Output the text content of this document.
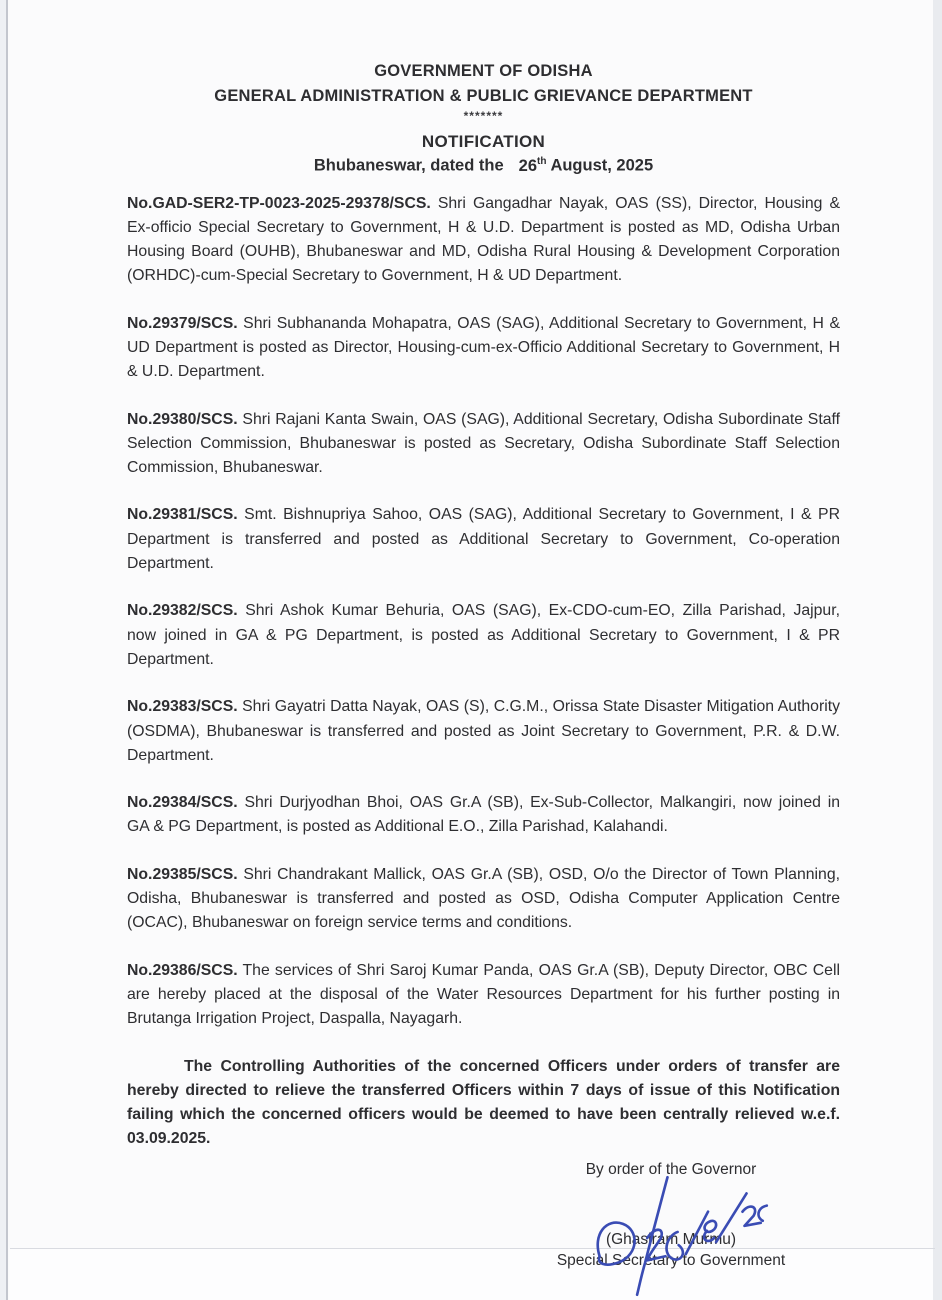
GOVERNMENT OF ODISHA
GENERAL ADMINISTRATION & PUBLIC GRIEVANCE DEPARTMENT
*******
NOTIFICATION
Bhubaneswar, dated the 26th August, 2025

No.GAD-SER2-TP-0023-2025-29378/SCS. Shri Gangadhar Nayak, OAS (SS), Director, Housing & Ex-officio Special Secretary to Government, H & U.D. Department is posted as MD, Odisha Urban Housing Board (OUHB), Bhubaneswar and MD, Odisha Rural Housing & Development Corporation (ORHDC)-cum-Special Secretary to Government, H & UD Department.

No.29379/SCS. Shri Subhananda Mohapatra, OAS (SAG), Additional Secretary to Government, H & UD Department is posted as Director, Housing-cum-ex-Officio Additional Secretary to Government, H & U.D. Department.

No.29380/SCS. Shri Rajani Kanta Swain, OAS (SAG), Additional Secretary, Odisha Subordinate Staff Selection Commission, Bhubaneswar is posted as Secretary, Odisha Subordinate Staff Selection Commission, Bhubaneswar.

No.29381/SCS. Smt. Bishnupriya Sahoo, OAS (SAG), Additional Secretary to Government, I & PR Department is transferred and posted as Additional Secretary to Government, Co-operation Department.

No.29382/SCS. Shri Ashok Kumar Behuria, OAS (SAG), Ex-CDO-cum-EO, Zilla Parishad, Jajpur, now joined in GA & PG Department, is posted as Additional Secretary to Government, I & PR Department.

No.29383/SCS. Shri Gayatri Datta Nayak, OAS (S), C.G.M., Orissa State Disaster Mitigation Authority (OSDMA), Bhubaneswar is transferred and posted as Joint Secretary to Government, P.R. & D.W. Department.

No.29384/SCS. Shri Durjyodhan Bhoi, OAS Gr.A (SB), Ex-Sub-Collector, Malkangiri, now joined in GA & PG Department, is posted as Additional E.O., Zilla Parishad, Kalahandi.

No.29385/SCS. Shri Chandrakant Mallick, OAS Gr.A (SB), OSD, O/o the Director of Town Planning, Odisha, Bhubaneswar is transferred and posted as OSD, Odisha Computer Application Centre (OCAC), Bhubaneswar on foreign service terms and conditions.

No.29386/SCS. The services of Shri Saroj Kumar Panda, OAS Gr.A (SB), Deputy Director, OBC Cell are hereby placed at the disposal of the Water Resources Department for his further posting in Brutanga Irrigation Project, Daspalla, Nayagarh.

The Controlling Authorities of the concerned Officers under orders of transfer are hereby directed to relieve the transferred Officers within 7 days of issue of this Notification failing which the concerned officers would be deemed to have been centrally relieved w.e.f. 03.09.2025.

By order of the Governor
(Ghasiram Murmu)
Special Secretary to Government
